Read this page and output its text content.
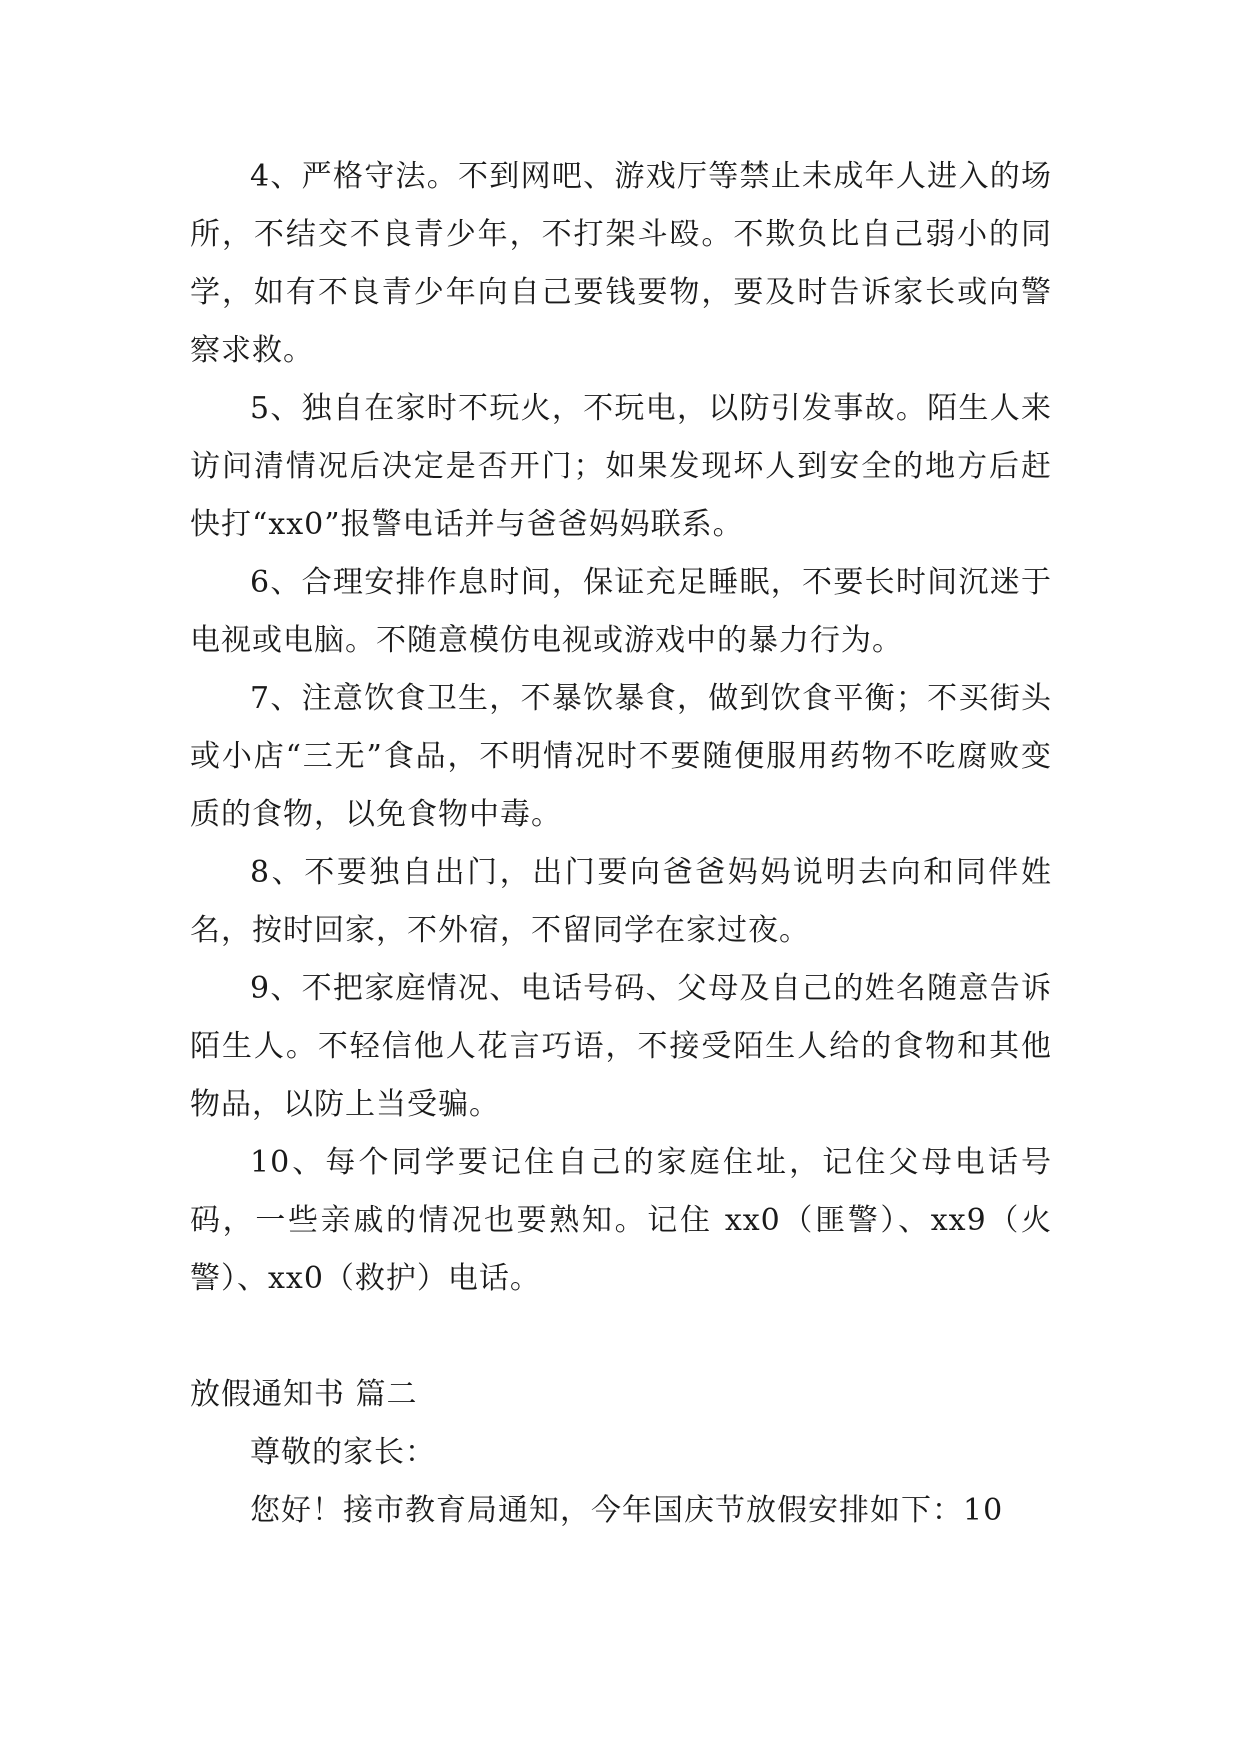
4、严格守法。不到网吧、游戏厅等禁止未成年人进入的场所，不结交不良青少年，不打架斗殴。不欺负比自己弱小的同学，如有不良青少年向自己要钱要物，要及时告诉家长或向警察求救。

5、独自在家时不玩火，不玩电，以防引发事故。陌生人来访问清情况后决定是否开门；如果发现坏人到安全的地方后赶快打“xx0”报警电话并与爸爸妈妈联系。

6、合理安排作息时间，保证充足睡眠，不要长时间沉迷于电视或电脑。不随意模仿电视或游戏中的暴力行为。

7、注意饮食卫生，不暴饮暴食，做到饮食平衡；不买街头或小店“三无”食品，不明情况时不要随便服用药物不吃腐败变质的食物，以免食物中毒。

8、不要独自出门，出门要向爸爸妈妈说明去向和同伴姓名，按时回家，不外宿，不留同学在家过夜。

9、不把家庭情况、电话号码、父母及自己的姓名随意告诉陌生人。不轻信他人花言巧语，不接受陌生人给的食物和其他物品，以防上当受骗。

10、每个同学要记住自己的家庭住址，记住父母电话号码，一些亲戚的情况也要熟知。记住 xx0（匪警）、xx9（火警）、xx0（救护）电话。

放假通知书 篇二

尊敬的家长：

您好！接市教育局通知，今年国庆节放假安排如下：10
